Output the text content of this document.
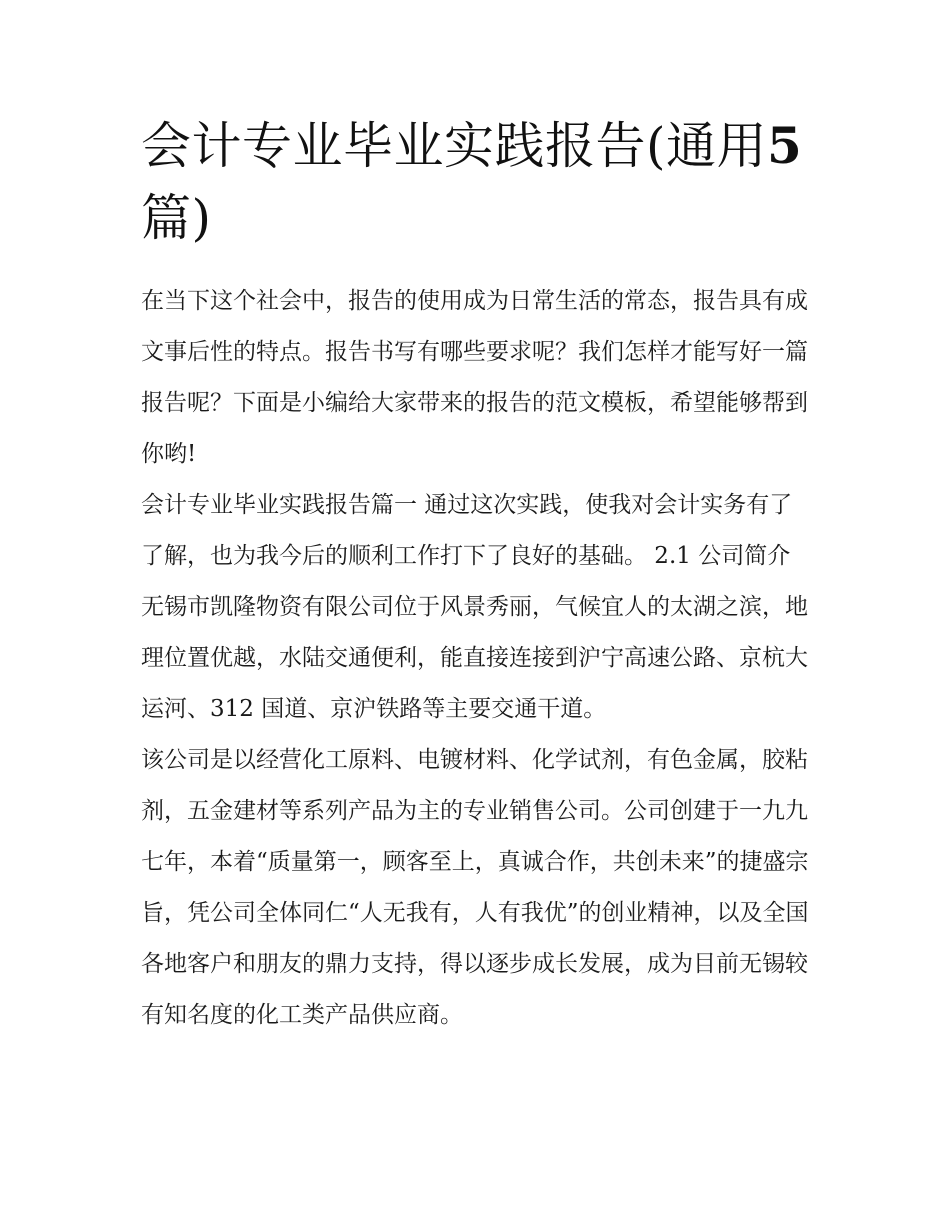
会计专业毕业实践报告(通用5
篇)

在当下这个社会中，报告的使用成为日常生活的常态，报告具有成文事后性的特点。报告书写有哪些要求呢？我们怎样才能写好一篇报告呢？下面是小编给大家带来的报告的范文模板，希望能够帮到你哟!

会计专业毕业实践报告篇一 通过这次实践，使我对会计实务有了了解，也为我今后的顺利工作打下了良好的基础。 2.1 公司简介

无锡市凯隆物资有限公司位于风景秀丽，气候宜人的太湖之滨，地理位置优越，水陆交通便利，能直接连接到沪宁高速公路、京杭大运河、312 国道、京沪铁路等主要交通干道。

该公司是以经营化工原料、电镀材料、化学试剂，有色金属，胶粘剂，五金建材等系列产品为主的专业销售公司。公司创建于一九九七年，本着“质量第一，顾客至上，真诚合作，共创未来”的捷盛宗旨，凭公司全体同仁“人无我有，人有我优”的创业精神，以及全国各地客户和朋友的鼎力支持，得以逐步成长发展，成为目前无锡较有知名度的化工类产品供应商。
